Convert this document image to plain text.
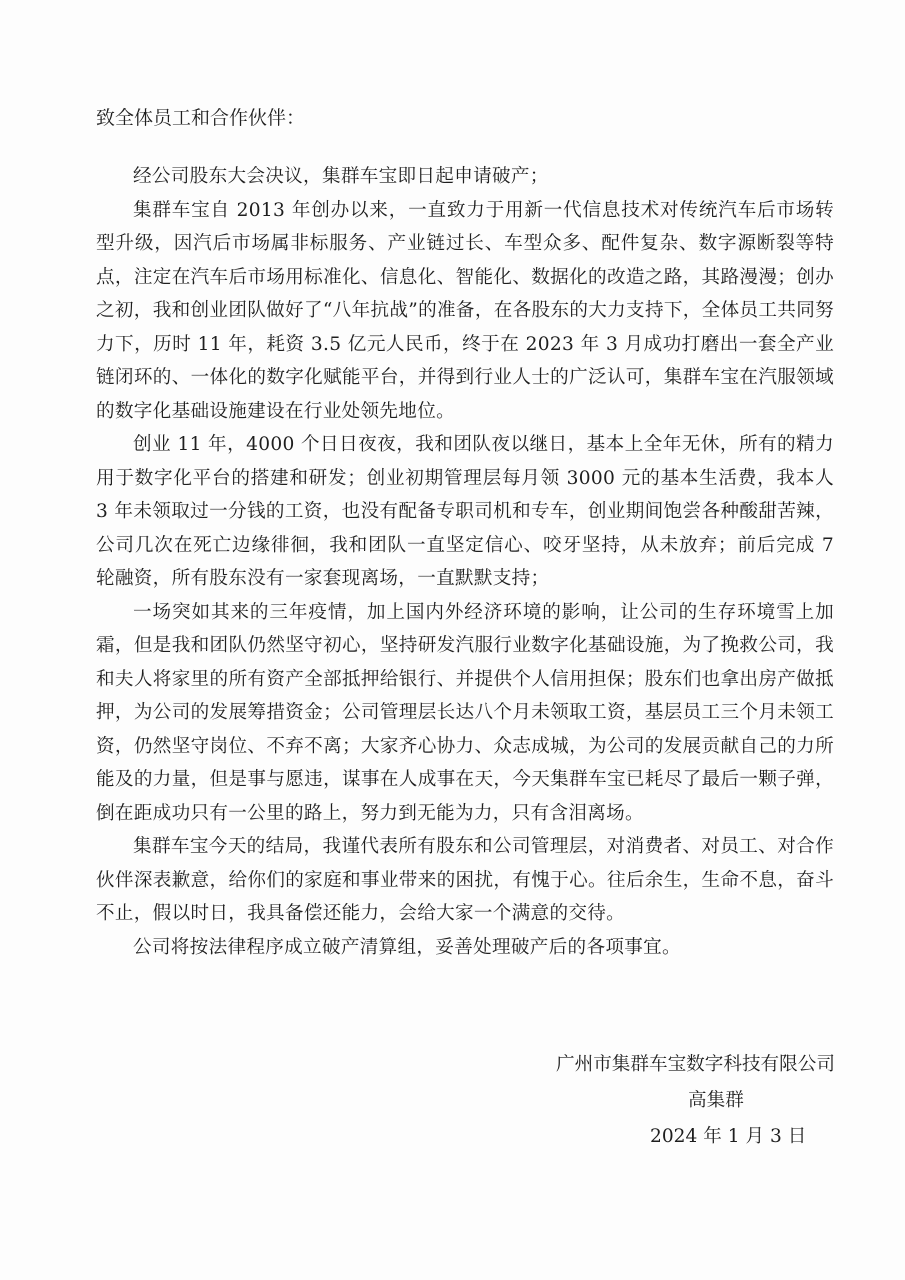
致全体员工和合作伙伴：

经公司股东大会决议，集群车宝即日起申请破产；

集群车宝自 2013 年创办以来，一直致力于用新一代信息技术对传统汽车后市场转型升级，因汽后市场属非标服务、产业链过长、车型众多、配件复杂、数字源断裂等特点，注定在汽车后市场用标准化、信息化、智能化、数据化的改造之路，其路漫漫；创办之初，我和创业团队做好了“八年抗战”的准备，在各股东的大力支持下，全体员工共同努力下，历时 11 年，耗资 3.5 亿元人民币，终于在 2023 年 3 月成功打磨出一套全产业链闭环的、一体化的数字化赋能平台，并得到行业人士的广泛认可，集群车宝在汽服领域的数字化基础设施建设在行业处领先地位。

创业 11 年，4000 个日日夜夜，我和团队夜以继日，基本上全年无休，所有的精力用于数字化平台的搭建和研发；创业初期管理层每月领 3000 元的基本生活费，我本人 3 年未领取过一分钱的工资，也没有配备专职司机和专车，创业期间饱尝各种酸甜苦辣，公司几次在死亡边缘徘徊，我和团队一直坚定信心、咬牙坚持，从未放弃；前后完成 7 轮融资，所有股东没有一家套现离场，一直默默支持；

一场突如其来的三年疫情，加上国内外经济环境的影响，让公司的生存环境雪上加霜，但是我和团队仍然坚守初心，坚持研发汽服行业数字化基础设施，为了挽救公司，我和夫人将家里的所有资产全部抵押给银行、并提供个人信用担保；股东们也拿出房产做抵押，为公司的发展筹措资金；公司管理层长达八个月未领取工资，基层员工三个月未领工资，仍然坚守岗位、不弃不离；大家齐心协力、众志成城，为公司的发展贡献自己的力所能及的力量，但是事与愿违，谋事在人成事在天，今天集群车宝已耗尽了最后一颗子弹，倒在距成功只有一公里的路上，努力到无能为力，只有含泪离场。

集群车宝今天的结局，我谨代表所有股东和公司管理层，对消费者、对员工、对合作伙伴深表歉意，给你们的家庭和事业带来的困扰，有愧于心。往后余生，生命不息，奋斗不止，假以时日，我具备偿还能力，会给大家一个满意的交待。

公司将按法律程序成立破产清算组，妥善处理破产后的各项事宜。

广州市集群车宝数字科技有限公司
高集群
2024 年 1 月 3 日
